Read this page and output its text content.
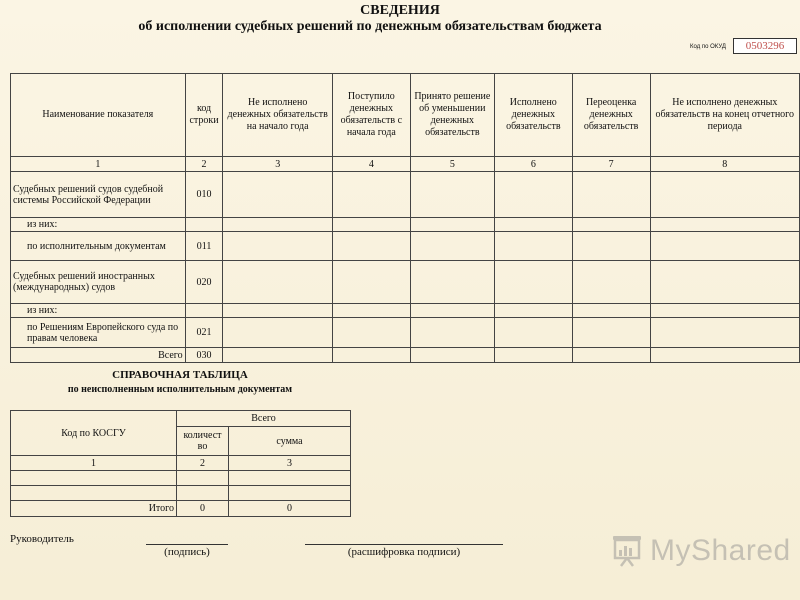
СВЕДЕНИЯ
об исполнении судебных решений по денежным обязательствам бюджета
Код по ОКУД	0503296
Наименование показателя	код строки	Не исполнено денежных обязательств на начало года	Поступило денежных обязательств с начала года	Принято решение об уменьшении денежных обязательств	Исполнено денежных обязательств	Переоценка денежных обязательств	Не исполнено денежных обязательств на конец отчетного периода
1	2	3	4	5	6	7	8
Судебных решений судов судебной системы Российской Федерации	010						
из них:							
по исполнительным документам	011						
Судебных решений иностранных (международных) судов	020						
из них:							
по Решениям Европейского суда по правам человека	021						
Всего	030						
СПРАВОЧНАЯ ТАБЛИЦА
по неисполненным исполнительным документам
Код по КОСГУ	Всего	
	количест во	сумма
1	2	3

Итого	0	0
Руководитель
(подпись)	(расшифровка подписи)	MyShared
